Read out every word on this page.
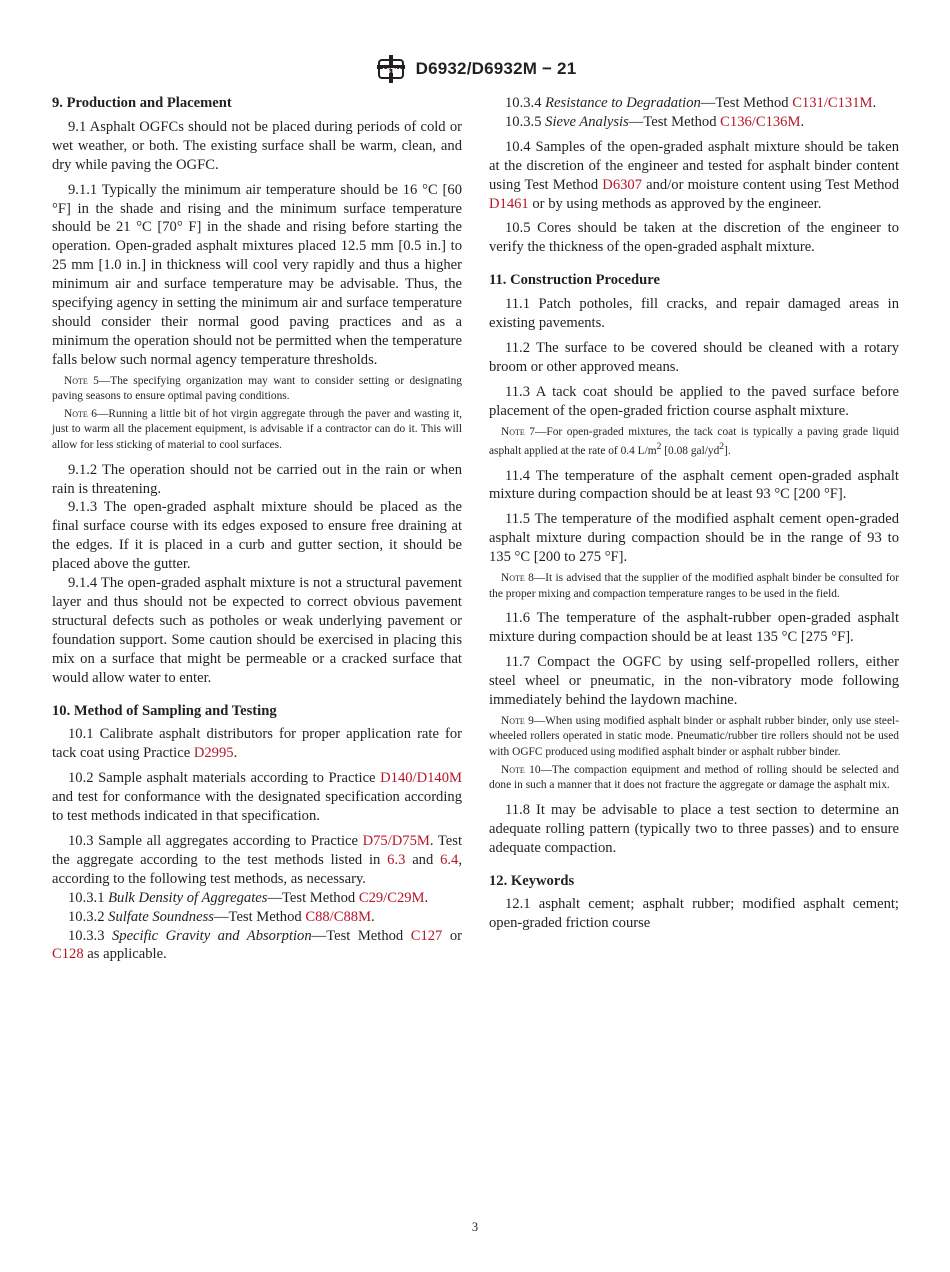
ASTM D6932/D6932M − 21
9. Production and Placement

9.1 Asphalt OGFCs should not be placed during periods of cold or wet weather, or both. The existing surface shall be warm, clean, and dry while paving the OGFC.

9.1.1 Typically the minimum air temperature should be 16 °C [60 °F] in the shade and rising and the minimum surface temperature should be 21 °C [70° F] in the shade and rising before starting the operation. Open-graded asphalt mixtures placed 12.5 mm [0.5 in.] to 25 mm [1.0 in.] in thickness will cool very rapidly and thus a higher minimum air and surface temperature may be advisable. Thus, the specifying agency in setting the minimum air and surface temperature should consider their normal good paving practices and as a minimum the operation should not be permitted when the temperature falls below such normal agency temperature thresholds.

Note 5—The specifying organization may want to consider setting or designating paving seasons to ensure optimal paving conditions.
Note 6—Running a little bit of hot virgin aggregate through the paver and wasting it, just to warm all the placement equipment, is advisable if a contractor can do it. This will allow for less sticking of material to cool surfaces.

9.1.2 The operation should not be carried out in the rain or when rain is threatening.

9.1.3 The open-graded asphalt mixture should be placed as the final surface course with its edges exposed to ensure free draining at the edges. If it is placed in a curb and gutter section, it should be placed above the gutter.

9.1.4 The open-graded asphalt mixture is not a structural pavement layer and thus should not be expected to correct obvious pavement structural defects such as potholes or weak underlying pavement or foundation support. Some caution should be exercised in placing this mix on a surface that might be permeable or a cracked surface that would allow water to enter.

10. Method of Sampling and Testing

10.1 Calibrate asphalt distributors for proper application rate for tack coat using Practice D2995.

10.2 Sample asphalt materials according to Practice D140/D140M and test for conformance with the designated specification according to test methods indicated in that specification.

10.3 Sample all aggregates according to Practice D75/D75M. Test the aggregate according to the test methods listed in 6.3 and 6.4, according to the following test methods, as necessary.

10.3.1 Bulk Density of Aggregates—Test Method C29/C29M.

10.3.2 Sulfate Soundness—Test Method C88/C88M.

10.3.3 Specific Gravity and Absorption—Test Method C127 or C128 as applicable.

10.3.4 Resistance to Degradation—Test Method C131/C131M.

10.3.5 Sieve Analysis—Test Method C136/C136M.

10.4 Samples of the open-graded asphalt mixture should be taken at the discretion of the engineer and tested for asphalt binder content using Test Method D6307 and/or moisture content using Test Method D1461 or by using methods as approved by the engineer.

10.5 Cores should be taken at the discretion of the engineer to verify the thickness of the open-graded asphalt mixture.

11. Construction Procedure

11.1 Patch potholes, fill cracks, and repair damaged areas in existing pavements.

11.2 The surface to be covered should be cleaned with a rotary broom or other approved means.

11.3 A tack coat should be applied to the paved surface before placement of the open-graded friction course asphalt mixture.

Note 7—For open-graded mixtures, the tack coat is typically a paving grade liquid asphalt applied at the rate of 0.4 $L/m^2$ [0.08 gal/$yd^2$].

11.4 The temperature of the asphalt cement open-graded asphalt mixture during compaction should be at least 93 °C [200 °F].

11.5 The temperature of the modified asphalt cement open-graded asphalt mixture during compaction should be in the range of 93 to 135 °C [200 to 275 °F].

Note 8—It is advised that the supplier of the modified asphalt binder be consulted for the proper mixing and compaction temperature ranges to be used in the field.

11.6 The temperature of the asphalt-rubber open-graded asphalt mixture during compaction should be at least 135 °C [275 °F].

11.7 Compact the OGFC by using self-propelled rollers, either steel wheel or pneumatic, in the non-vibratory mode following immediately behind the laydown machine.

Note 9—When using modified asphalt binder or asphalt rubber binder, only use steel-wheeled rollers operated in static mode. Pneumatic/rubber tire rollers should not be used with OGFC produced using modified asphalt binder or asphalt rubber binder.
Note 10—The compaction equipment and method of rolling should be selected and done in such a manner that it does not fracture the aggregate or damage the asphalt mix.

11.8 It may be advisable to place a test section to determine an adequate rolling pattern (typically two to three passes) and to ensure adequate compaction.

12. Keywords

12.1 asphalt cement; asphalt rubber; modified asphalt cement; open-graded friction course

3
